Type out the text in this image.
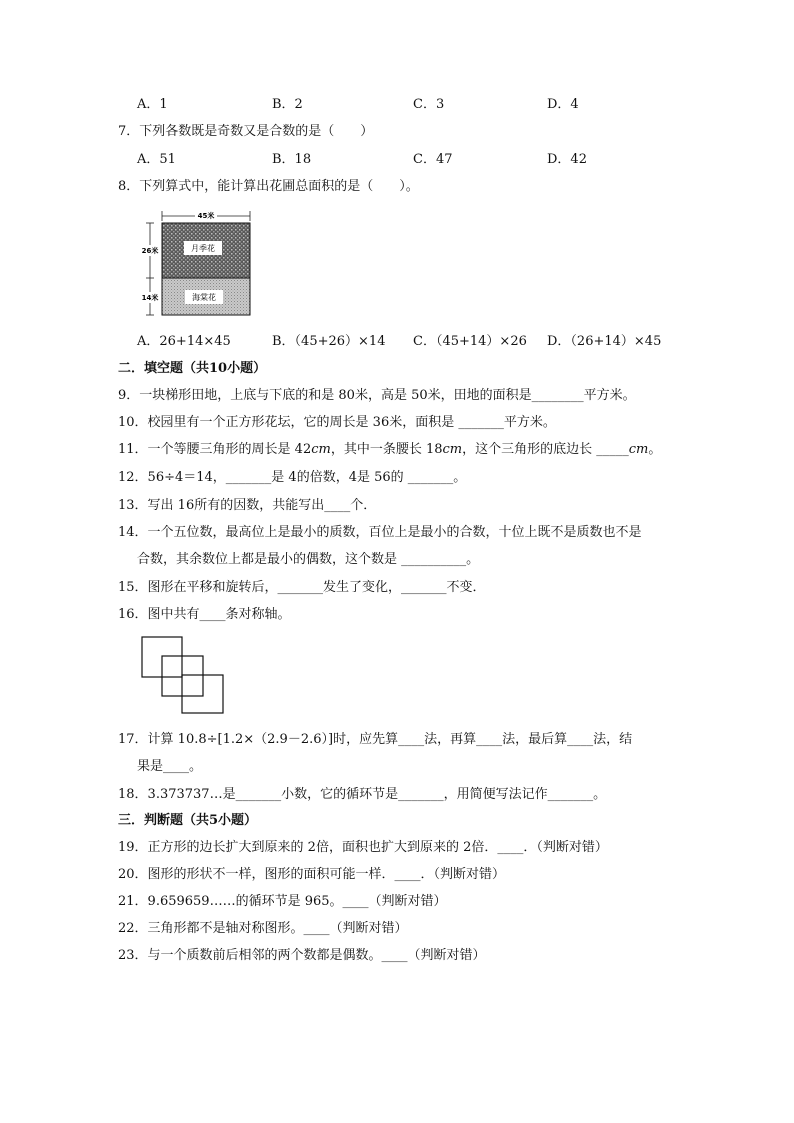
A．1	B．2	C．3	D．4
7．下列各数既是奇数又是合数的是（　　）
A．51	B．18	C．47	D．42
8．下列算式中，能计算出花圃总面积的是（　　）。
45米
26米
14米
月季花
海棠花
A．26+14×45	B．（45+26）×14 C．（45+14）×26 D．（26+14）×45
二．填空题（共10小题）
9．一块梯形田地，上底与下底的和是 80米，高是 50米，田地的面积是________平方米。
10．校园里有一个正方形花坛，它的周长是 36米，面积是 _______平方米。
11．一个等腰三角形的周长是 42cm，其中一条腰长 18cm，这个三角形的底边长 _____cm。
12．56÷4＝14，_______是 4的倍数，4是 56的 _______。
13．写出 16所有的因数，共能写出____个．
14．一个五位数，最高位上是最小的质数，百位上是最小的合数，十位上既不是质数也不是
合数，其余数位上都是最小的偶数，这个数是 __________。
15．图形在平移和旋转后，_______发生了变化，_______不变．
16．图中共有____条对称轴。
17．计算 10.8÷[1.2×（2.9－2.6）]时，应先算____法，再算____法，最后算____法，结
果是____。
18．3.373737…是_______小数，它的循环节是_______，用简便写法记作_______。
三．判断题（共5小题）
19．正方形的边长扩大到原来的 2倍，面积也扩大到原来的 2倍．____．（判断对错）
20．图形的形状不一样，图形的面积可能一样．____．（判断对错）
21．9.659659……的循环节是 965。____（判断对错）
22．三角形都不是轴对称图形。____（判断对错）
23．与一个质数前后相邻的两个数都是偶数。____（判断对错）
